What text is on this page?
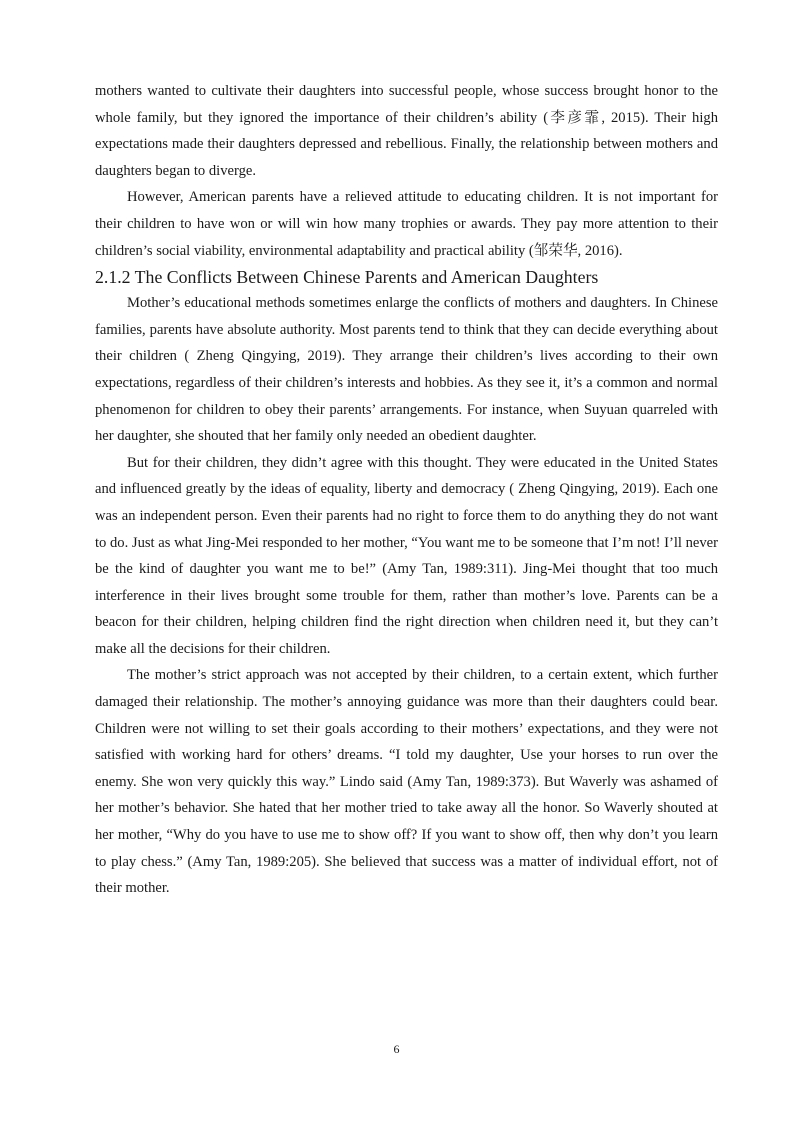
mothers wanted to cultivate their daughters into successful people, whose success brought honor to the whole family, but they ignored the importance of their children’s ability (李彦霏, 2015). Their high expectations made their daughters depressed and rebellious. Finally, the relationship between mothers and daughters began to diverge.

However, American parents have a relieved attitude to educating children. It is not important for their children to have won or will win how many trophies or awards. They pay more attention to their children’s social viability, environmental adaptability and practical ability (邹荣华, 2016).

2.1.2 The Conflicts Between Chinese Parents and American Daughters

Mother’s educational methods sometimes enlarge the conflicts of mothers and daughters. In Chinese families, parents have absolute authority. Most parents tend to think that they can decide everything about their children ( Zheng Qingying, 2019). They arrange their children’s lives according to their own expectations, regardless of their children’s interests and hobbies. As they see it, it’s a common and normal phenomenon for children to obey their parents’ arrangements. For instance, when Suyuan quarreled with her daughter, she shouted that her family only needed an obedient daughter.

But for their children, they didn’t agree with this thought. They were educated in the United States and influenced greatly by the ideas of equality, liberty and democracy ( Zheng Qingying, 2019). Each one was an independent person. Even their parents had no right to force them to do anything they do not want to do. Just as what Jing-Mei responded to her mother, “You want me to be someone that I’m not! I’ll never be the kind of daughter you want me to be!” (Amy Tan, 1989:311). Jing-Mei thought that too much interference in their lives brought some trouble for them, rather than mother’s love. Parents can be a beacon for their children, helping children find the right direction when children need it, but they can’t make all the decisions for their children.

The mother’s strict approach was not accepted by their children, to a certain extent, which further damaged their relationship. The mother’s annoying guidance was more than their daughters could bear. Children were not willing to set their goals according to their mothers’ expectations, and they were not satisfied with working hard for others’ dreams. “I told my daughter, Use your horses to run over the enemy. She won very quickly this way.” Lindo said (Amy Tan, 1989:373). But Waverly was ashamed of her mother’s behavior. She hated that her mother tried to take away all the honor. So Waverly shouted at her mother, “Why do you have to use me to show off? If you want to show off, then why don’t you learn to play chess.” (Amy Tan, 1989:205). She believed that success was a matter of individual effort, not of their mother.

6
